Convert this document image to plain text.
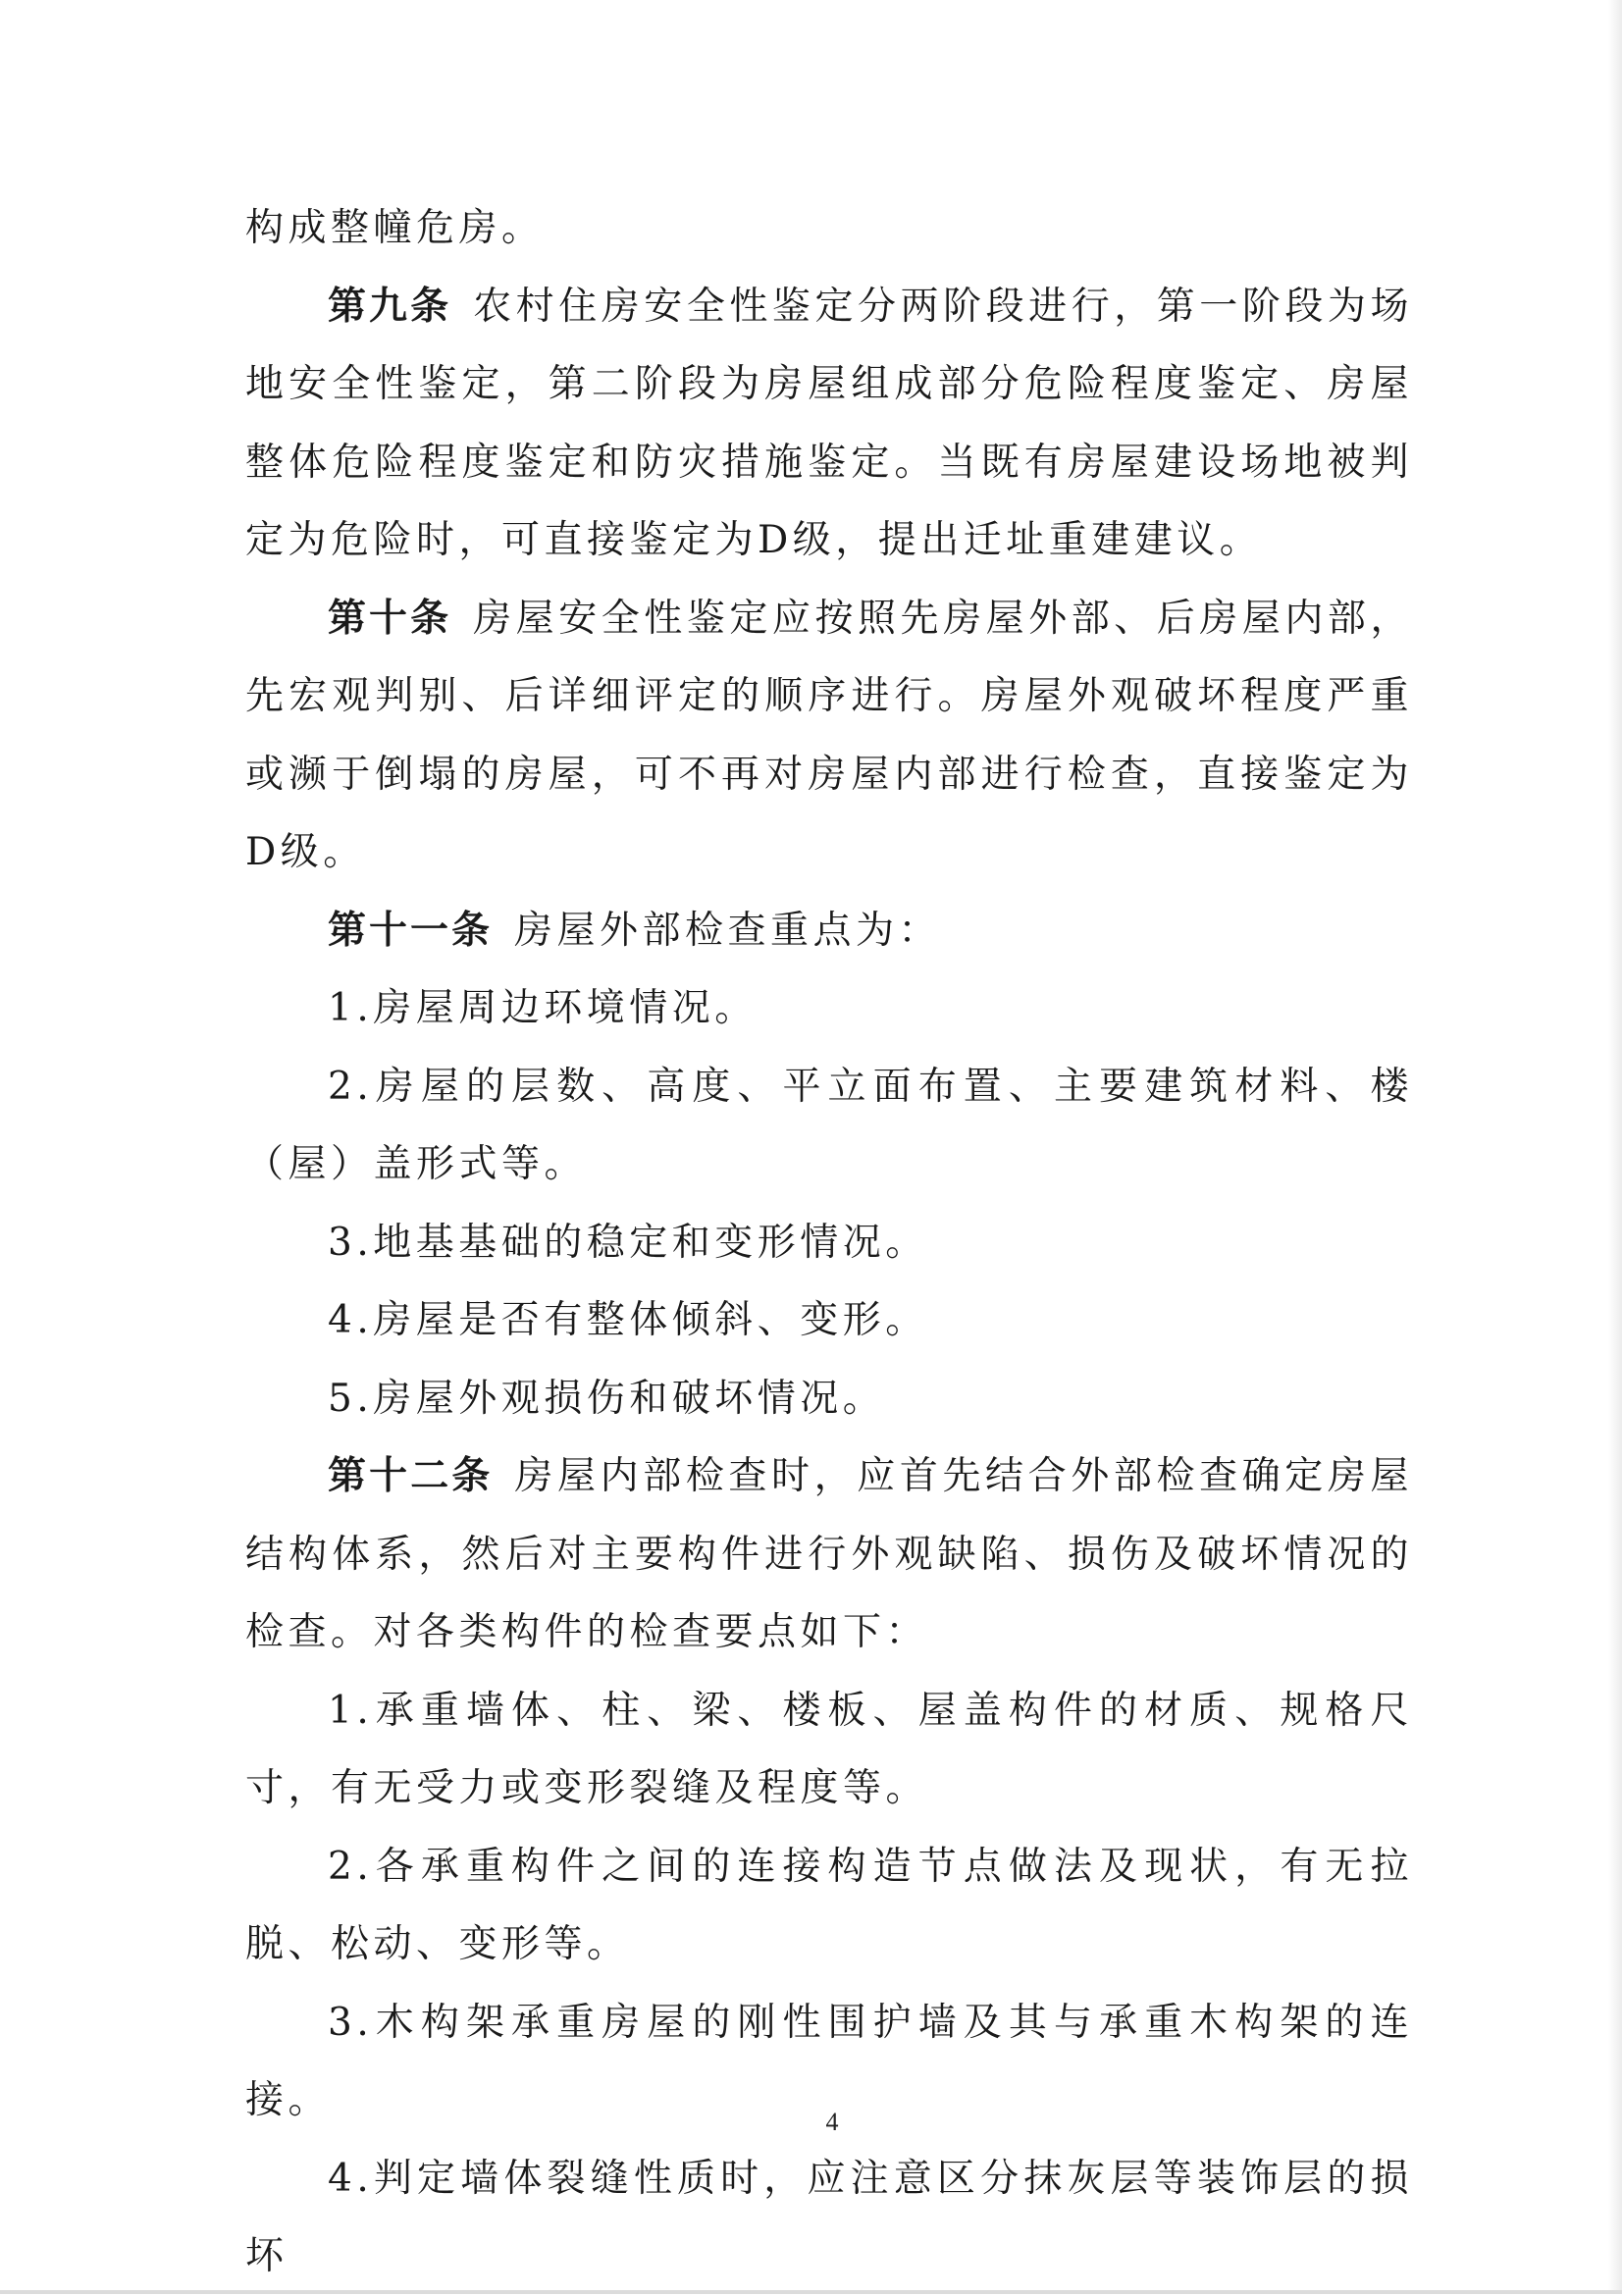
构成整幢危房。

第九条 农村住房安全性鉴定分两阶段进行，第一阶段为场地安全性鉴定，第二阶段为房屋组成部分危险程度鉴定、房屋整体危险程度鉴定和防灾措施鉴定。当既有房屋建设场地被判定为危险时，可直接鉴定为D级，提出迁址重建建议。

第十条 房屋安全性鉴定应按照先房屋外部、后房屋内部，先宏观判别、后详细评定的顺序进行。房屋外观破坏程度严重或濒于倒塌的房屋，可不再对房屋内部进行检查，直接鉴定为D级。

第十一条 房屋外部检查重点为：

1.房屋周边环境情况。

2.房屋的层数、高度、平立面布置、主要建筑材料、楼（屋）盖形式等。

3.地基基础的稳定和变形情况。

4.房屋是否有整体倾斜、变形。

5.房屋外观损伤和破坏情况。

第十二条 房屋内部检查时，应首先结合外部检查确定房屋结构体系，然后对主要构件进行外观缺陷、损伤及破坏情况的检查。对各类构件的检查要点如下：

1.承重墙体、柱、梁、楼板、屋盖构件的材质、规格尺寸，有无受力或变形裂缝及程度等。

2.各承重构件之间的连接构造节点做法及现状，有无拉脱、松动、变形等。

3.木构架承重房屋的刚性围护墙及其与承重木构架的连接。

4.判定墙体裂缝性质时，应注意区分抹灰层等装饰层的损坏

4
